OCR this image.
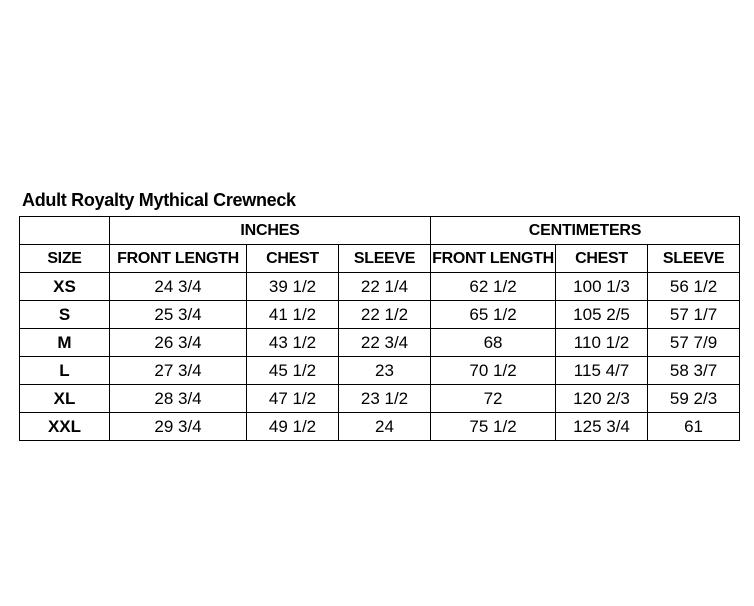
Adult Royalty Mythical Crewneck
	INCHES			CENTIMETERS		
SIZE	FRONT LENGTH	CHEST	SLEEVE	FRONT LENGTH	CHEST	SLEEVE
XS	24 3/4	39 1/2	22 1/4	62 1/2	100 1/3	56 1/2
S	25 3/4	41 1/2	22 1/2	65 1/2	105 2/5	57 1/7
M	26 3/4	43 1/2	22 3/4	68	110 1/2	57 7/9
L	27 3/4	45 1/2	23	70 1/2	115 4/7	58 3/7
XL	28 3/4	47 1/2	23 1/2	72	120 2/3	59 2/3
XXL	29 3/4	49 1/2	24	75 1/2	125 3/4	61
